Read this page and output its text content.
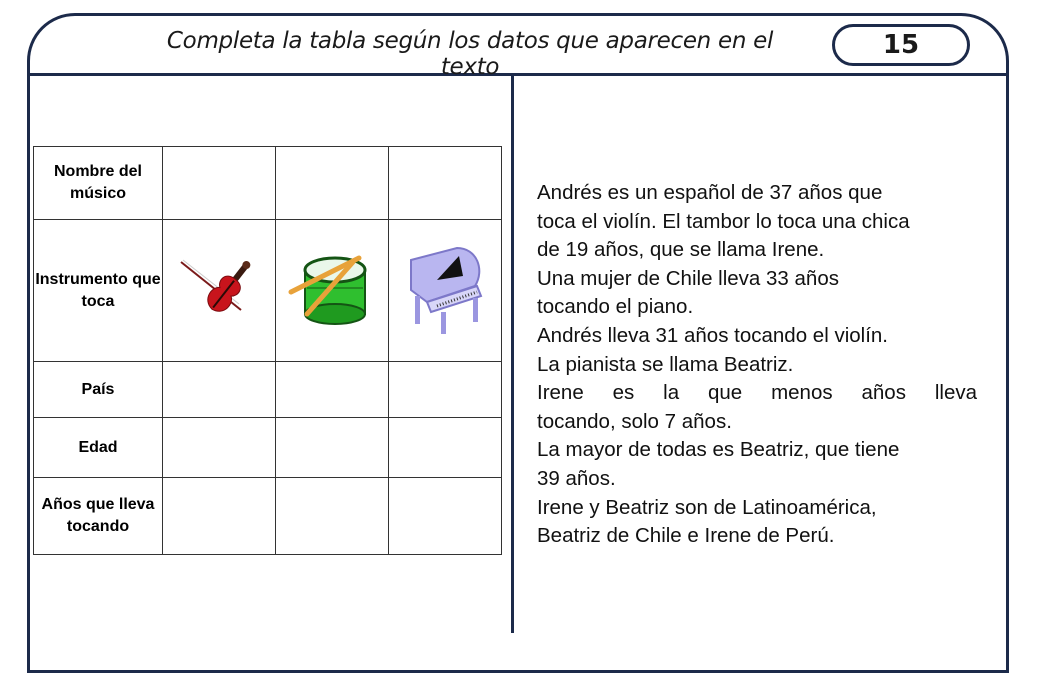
Completa la tabla según los datos que aparecen en el texto
15
Nombre del músico			
Instrumento que toca			
País			
Edad			
Años que lleva tocando			

Andrés es un español de 37 años que

toca el violín. El tambor lo toca una chica

de 19 años, que se llama Irene.

Una mujer de Chile lleva 33 años

tocando el piano.

Andrés lleva 31 años tocando el violín.

La pianista se llama Beatriz.

Irene es la que menos años lleva

tocando, solo 7 años.

La mayor de todas es Beatriz, que tiene

39 años.

Irene y Beatriz son de Latinoamérica,

Beatriz de Chile e Irene de Perú.
